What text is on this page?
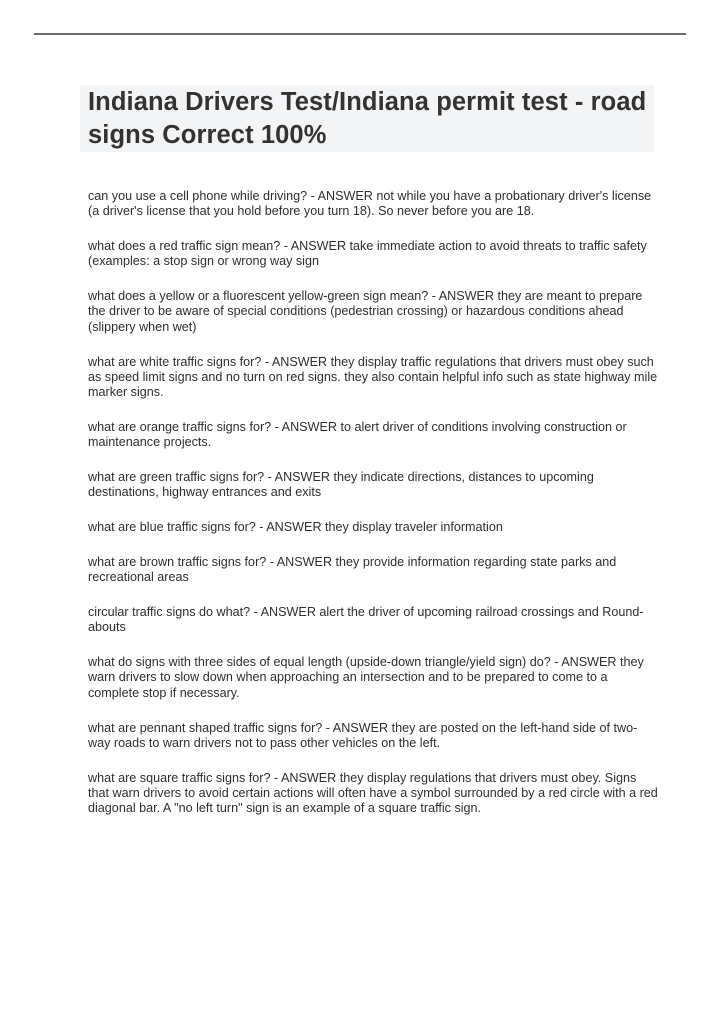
Indiana Drivers Test/Indiana permit test - road signs Correct 100%
can you use a cell phone while driving? - ANSWER not while you have a probationary driver's license (a driver's license that you hold before you turn 18). So never before you are 18.
what does a red traffic sign mean? - ANSWER take immediate action to avoid threats to traffic safety (examples: a stop sign or wrong way sign
what does a yellow or a fluorescent yellow-green sign mean? - ANSWER they are meant to prepare the driver to be aware of special conditions (pedestrian crossing) or hazardous conditions ahead (slippery when wet)
what are white traffic signs for? - ANSWER they display traffic regulations that drivers must obey such as speed limit signs and no turn on red signs. they also contain helpful info such as state highway mile marker signs.
what are orange traffic signs for? - ANSWER to alert driver of conditions involving construction or maintenance projects.
what are green traffic signs for? - ANSWER they indicate directions, distances to upcoming destinations, highway entrances and exits
what are blue traffic signs for? - ANSWER they display traveler information
what are brown traffic signs for? - ANSWER they provide information regarding state parks and recreational areas
circular traffic signs do what? - ANSWER alert the driver of upcoming railroad crossings and Round-abouts
what do signs with three sides of equal length (upside-down triangle/yield sign) do? - ANSWER they warn drivers to slow down when approaching an intersection and to be prepared to come to a complete stop if necessary.
what are pennant shaped traffic signs for? - ANSWER they are posted on the left-hand side of two-way roads to warn drivers not to pass other vehicles on the left.
what are square traffic signs for? - ANSWER they display regulations that drivers must obey. Signs that warn drivers to avoid certain actions will often have a symbol surrounded by a red circle with a red diagonal bar. A "no left turn" sign is an example of a square traffic sign.
